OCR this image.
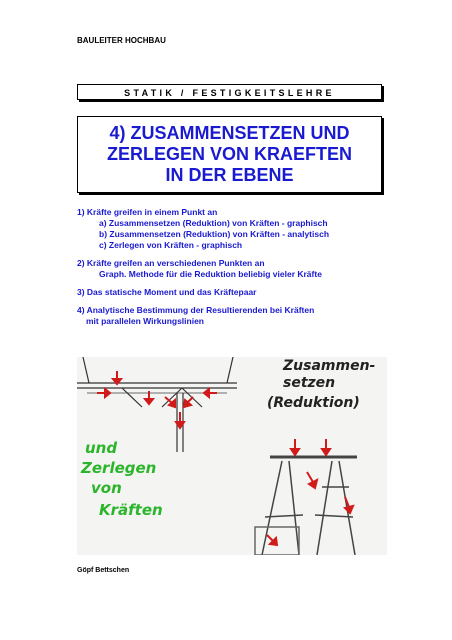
BAULEITER HOCHBAU
STATIK / FESTIGKEITSLEHRE
4) ZUSAMMENSETZEN UND
ZERLEGEN VON KRAEFTEN
IN DER EBENE
1) Kräfte greifen in einem Punkt an
a) Zusammensetzen (Reduktion) von Kräften - graphisch
b) Zusammensetzen (Reduktion) von Kräften - analytisch
c) Zerlegen von Kräften - graphisch
2) Kräfte greifen an verschiedenen Punkten an
Graph. Methode für die Reduktion beliebig vieler Kräfte
3) Das statische Moment und das Kräftepaar
4) Analytische Bestimmung der Resultierenden bei Kräften
mit parallelen Wirkungslinien
Zusammen-
setzen
(Reduktion)
und
Zerlegen
von
Kräften
Göpf Bettschen
